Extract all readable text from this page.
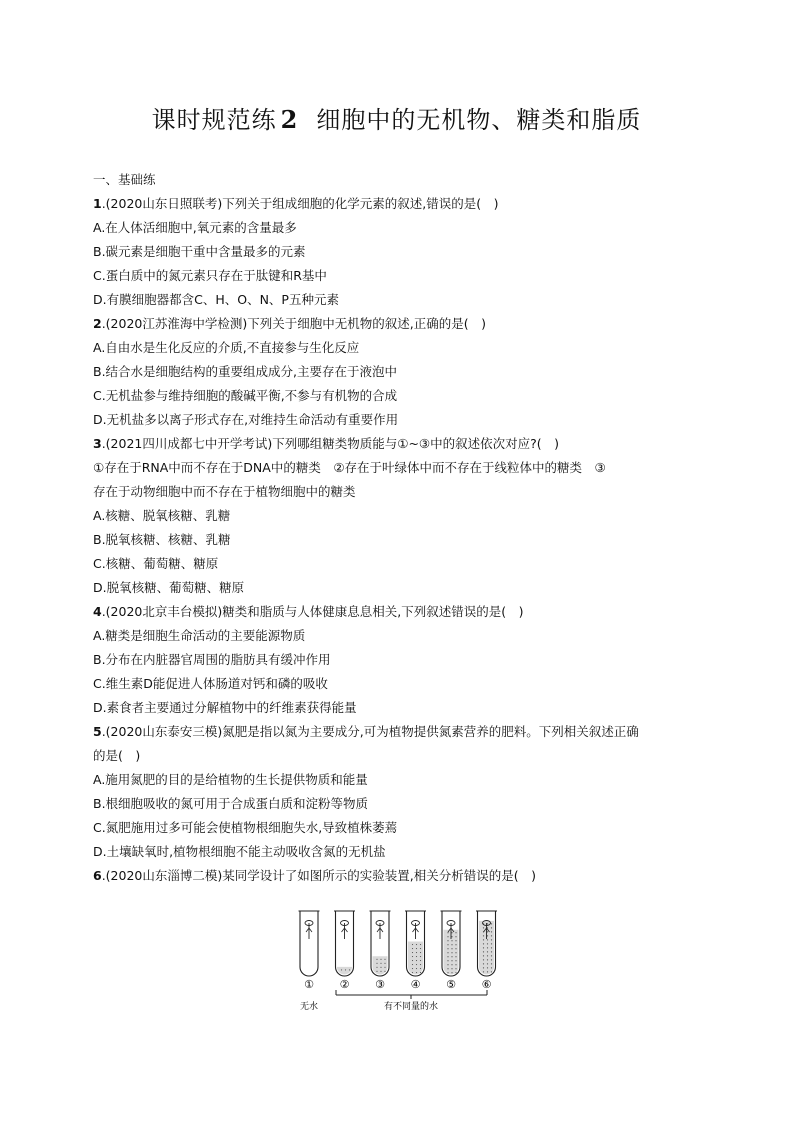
课时规范练 2 细胞中的无机物、糖类和脂质
一、基础练
1.(2020山东日照联考)下列关于组成细胞的化学元素的叙述,错误的是(　)
A.在人体活细胞中,氧元素的含量最多
B.碳元素是细胞干重中含量最多的元素
C.蛋白质中的氮元素只存在于肽键和R基中
D.有膜细胞器都含C、H、O、N、P五种元素
2.(2020江苏淮海中学检测)下列关于细胞中无机物的叙述,正确的是(　)
A.自由水是生化反应的介质,不直接参与生化反应
B.结合水是细胞结构的重要组成成分,主要存在于液泡中
C.无机盐参与维持细胞的酸碱平衡,不参与有机物的合成
D.无机盐多以离子形式存在,对维持生命活动有重要作用
3.(2021四川成都七中开学考试)下列哪组糖类物质能与①~③中的叙述依次对应?(　)
①存在于RNA中而不存在于DNA中的糖类　②存在于叶绿体中而不存在于线粒体中的糖类　③
存在于动物细胞中而不存在于植物细胞中的糖类
A.核糖、脱氧核糖、乳糖
B.脱氧核糖、核糖、乳糖
C.核糖、葡萄糖、糖原
D.脱氧核糖、葡萄糖、糖原
4.(2020北京丰台模拟)糖类和脂质与人体健康息息相关,下列叙述错误的是(　)
A.糖类是细胞生命活动的主要能源物质
B.分布在内脏器官周围的脂肪具有缓冲作用
C.维生素D能促进人体肠道对钙和磷的吸收
D.素食者主要通过分解植物中的纤维素获得能量
5.(2020山东泰安三模)氮肥是指以氮为主要成分,可为植物提供氮素营养的肥料。下列相关叙述正确
的是(　)
A.施用氮肥的目的是给植物的生长提供物质和能量
B.根细胞吸收的氮可用于合成蛋白质和淀粉等物质
C.氮肥施用过多可能会使植物根细胞失水,导致植株萎蔫
D.土壤缺氧时,植物根细胞不能主动吸收含氮的无机盐
6.(2020山东淄博二模)某同学设计了如图所示的实验装置,相关分析错误的是(　)
① ② ③ ④ ⑤ ⑥
无水	有不同量的水
